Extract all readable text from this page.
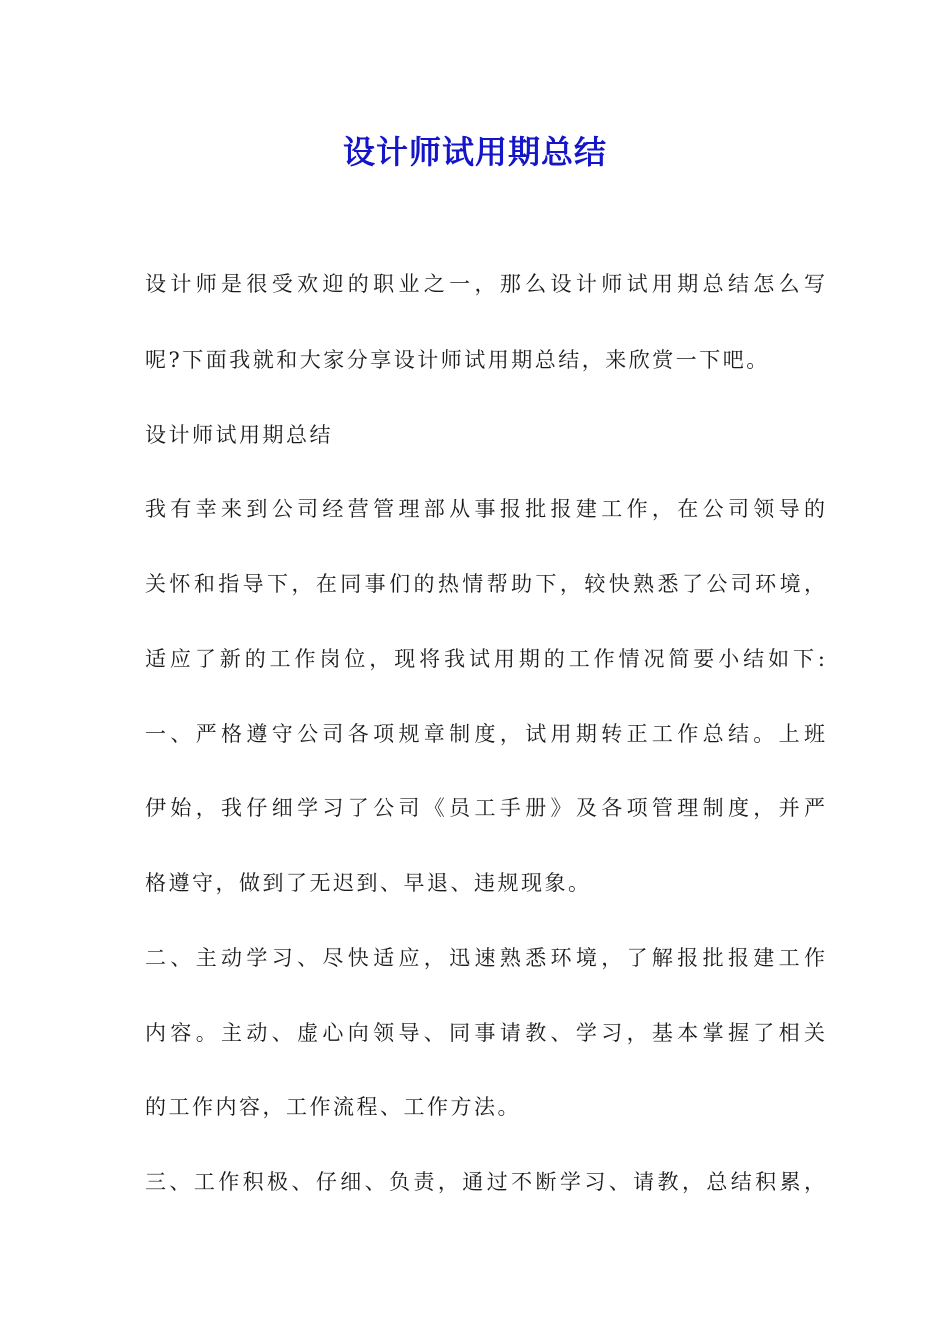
设计师试用期总结
设计师是很受欢迎的职业之一，那么设计师试用期总结怎么写
呢?下面我就和大家分享设计师试用期总结，来欣赏一下吧。
设计师试用期总结
我有幸来到公司经营管理部从事报批报建工作，在公司领导的
关怀和指导下，在同事们的热情帮助下，较快熟悉了公司环境，
适应了新的工作岗位，现将我试用期的工作情况简要小结如下:
一、严格遵守公司各项规章制度，试用期转正工作总结。上班
伊始，我仔细学习了公司《员工手册》及各项管理制度，并严
格遵守，做到了无迟到、早退、违规现象。
二、主动学习、尽快适应，迅速熟悉环境，了解报批报建工作
内容。主动、虚心向领导、同事请教、学习，基本掌握了相关
的工作内容，工作流程、工作方法。
三、工作积极、仔细、负责，通过不断学习、请教，总结积累，
